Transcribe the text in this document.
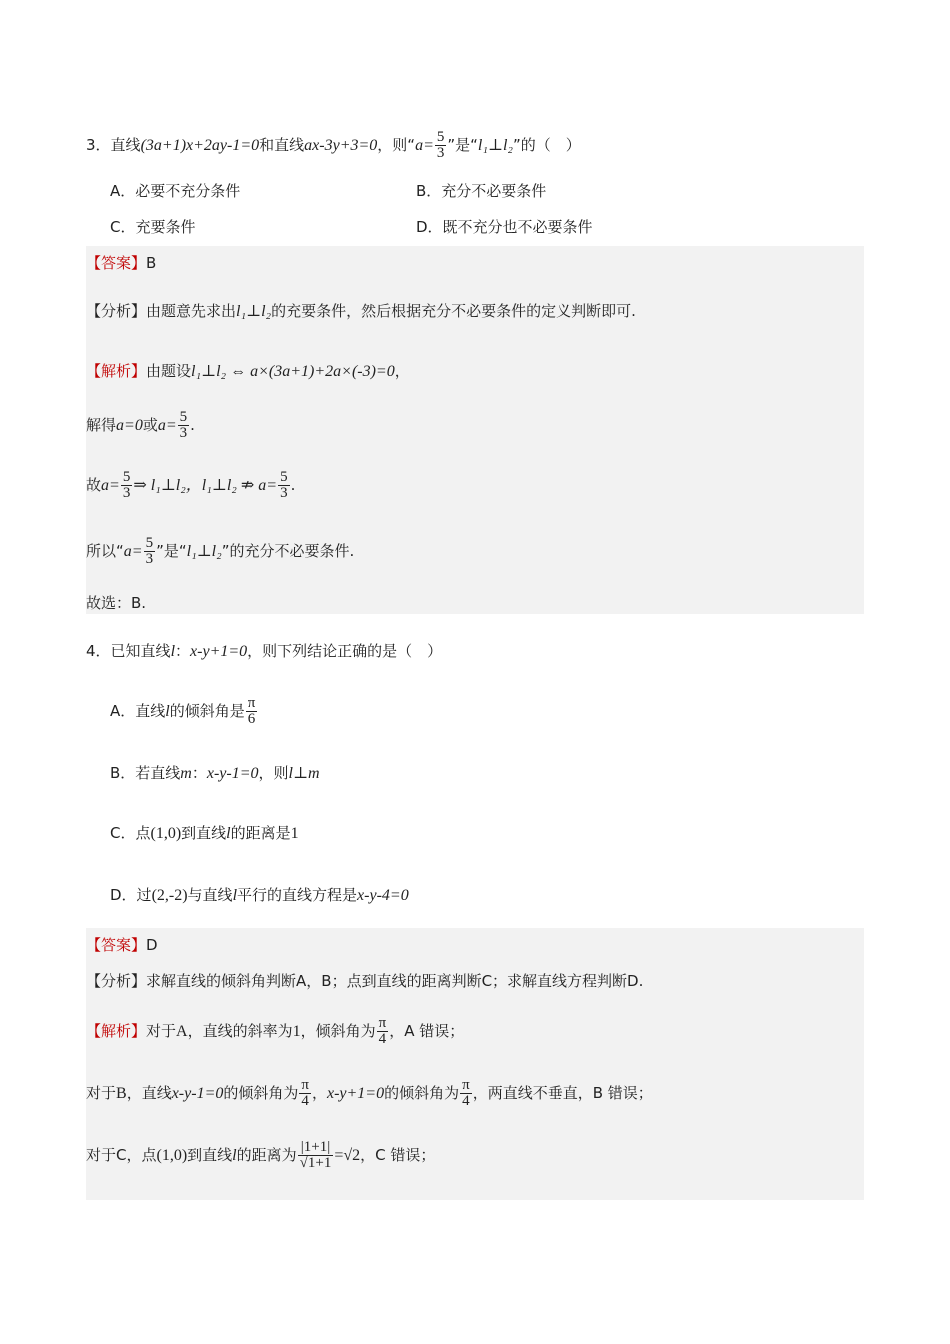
3．直线(3a+1)x+2ay-1=0和直线ax-3y+3=0，则“$a= \frac{5}{3}$ ”是“l₁⊥l₂”的（　）
A．必要不充分条件	B．充分不必要条件
C．充要条件	D．既不充分也不必要条件
【答案】B
【分析】由题意先求出l₁⊥l₂的充要条件，然后根据充分不必要条件的定义判断即可.
【解析】由题设l₁⊥l₂ ⇔ a×(3a+1)+2a×(-3)=0，
解得a=0或$a= \frac{5}{3}$ .
故$a= \frac{5}{3}$ ⇒ l₁⊥l₂，l₁⊥l₂ ⇏ $a= \frac{5}{3}$ .
所以“$a= \frac{5}{3}$ ”是“l₁⊥l₂”的充分不必要条件.
故选：B.
4．已知直线l：x-y+1=0，则下列结论正确的是（　）
A．直线l的倾斜角是 $\frac{\pi}{6}$
B．若直线m：x-y-1=0，则l⊥m
C．点(1,0)到直线l的距离是1
D．过(2,-2)与直线l平行的直线方程是x-y-4=0
【答案】D
【分析】求解直线的倾斜角判断A，B；点到直线的距离判断C；求解直线方程判断D.
【解析】对于A，直线的斜率为1，倾斜角为 $\frac{\pi}{4}$ ，A 错误；
对于B，直线x-y-1=0的倾斜角为 $\frac{\pi}{4}$ ，x-y+1=0的倾斜角为 $\frac{\pi}{4}$ ，两直线不垂直，B 错误；
对于C，点(1,0)到直线l的距离为 $\frac{|1+1|}{√1+1} =√2$，C 错误；
